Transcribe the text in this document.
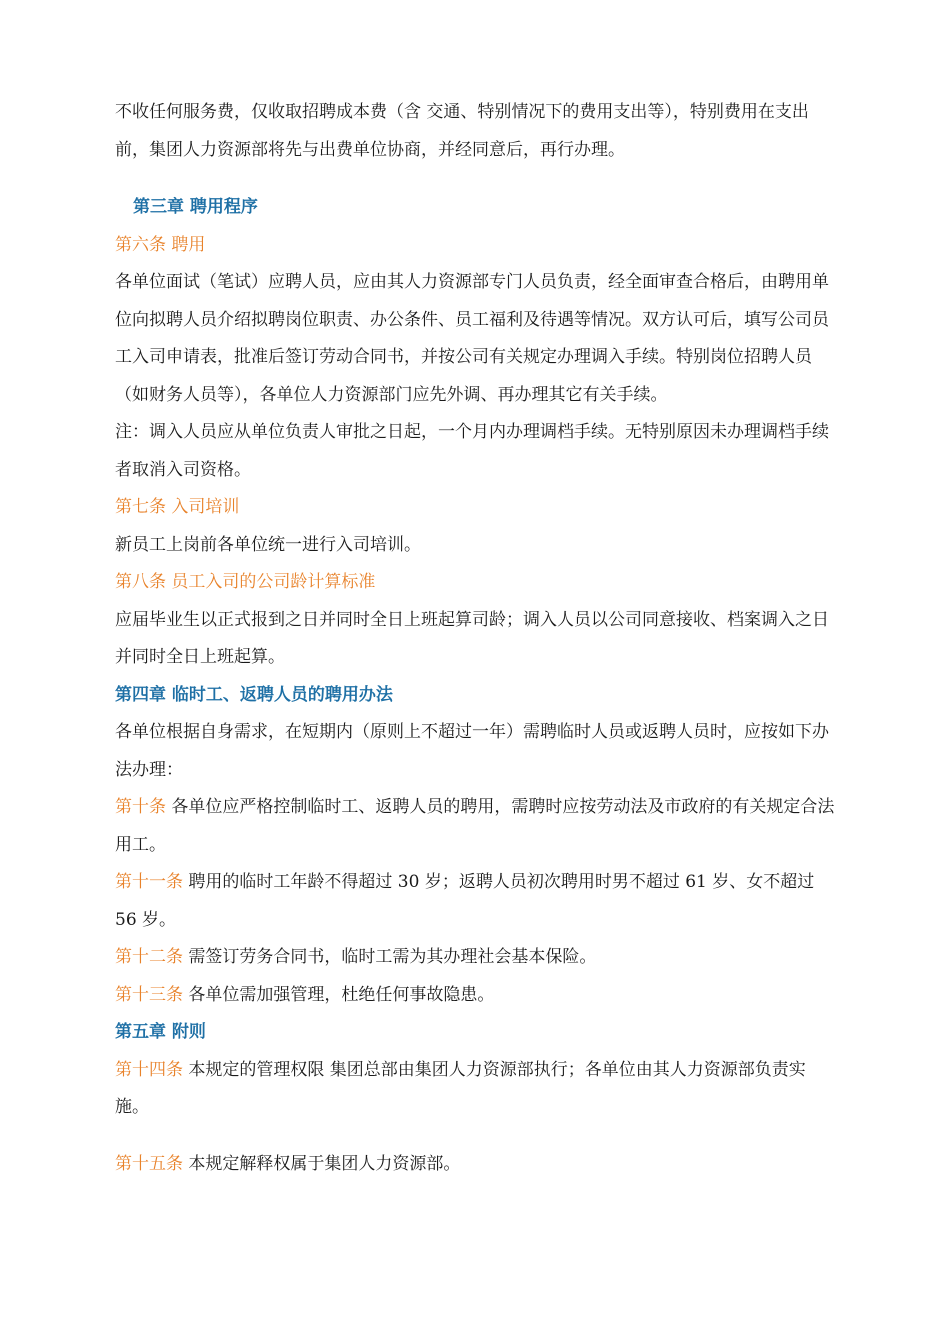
不收任何服务费，仅收取招聘成本费（含 交通、特别情况下的费用支出等），特别费用在支出前，集团人力资源部将先与出费单位协商，并经同意后，再行办理。

第三章 聘用程序

第六条 聘用

各单位面试（笔试）应聘人员，应由其人力资源部专门人员负责，经全面审查合格后，由聘用单位向拟聘人员介绍拟聘岗位职责、办公条件、员工福利及待遇等情况。双方认可后，填写公司员工入司申请表，批准后签订劳动合同书，并按公司有关规定办理调入手续。特别岗位招聘人员（如财务人员等），各单位人力资源部门应先外调、再办理其它有关手续。

注：调入人员应从单位负责人审批之日起，一个月内办理调档手续。无特别原因未办理调档手续者取消入司资格。

第七条 入司培训

新员工上岗前各单位统一进行入司培训。

第八条 员工入司的公司龄计算标准

应届毕业生以正式报到之日并同时全日上班起算司龄；调入人员以公司同意接收、档案调入之日并同时全日上班起算。

第四章 临时工、返聘人员的聘用办法

各单位根据自身需求，在短期内（原则上不超过一年）需聘临时人员或返聘人员时，应按如下办法办理：

第十条 各单位应严格控制临时工、返聘人员的聘用，需聘时应按劳动法及市政府的有关规定合法用工。

第十一条 聘用的临时工年龄不得超过 30 岁；返聘人员初次聘用时男不超过 61 岁、女不超过 56 岁。

第十二条 需签订劳务合同书，临时工需为其办理社会基本保险。

第十三条 各单位需加强管理，杜绝任何事故隐患。

第五章 附则

第十四条 本规定的管理权限 集团总部由集团人力资源部执行；各单位由其人力资源部负责实施。

第十五条 本规定解释权属于集团人力资源部。
